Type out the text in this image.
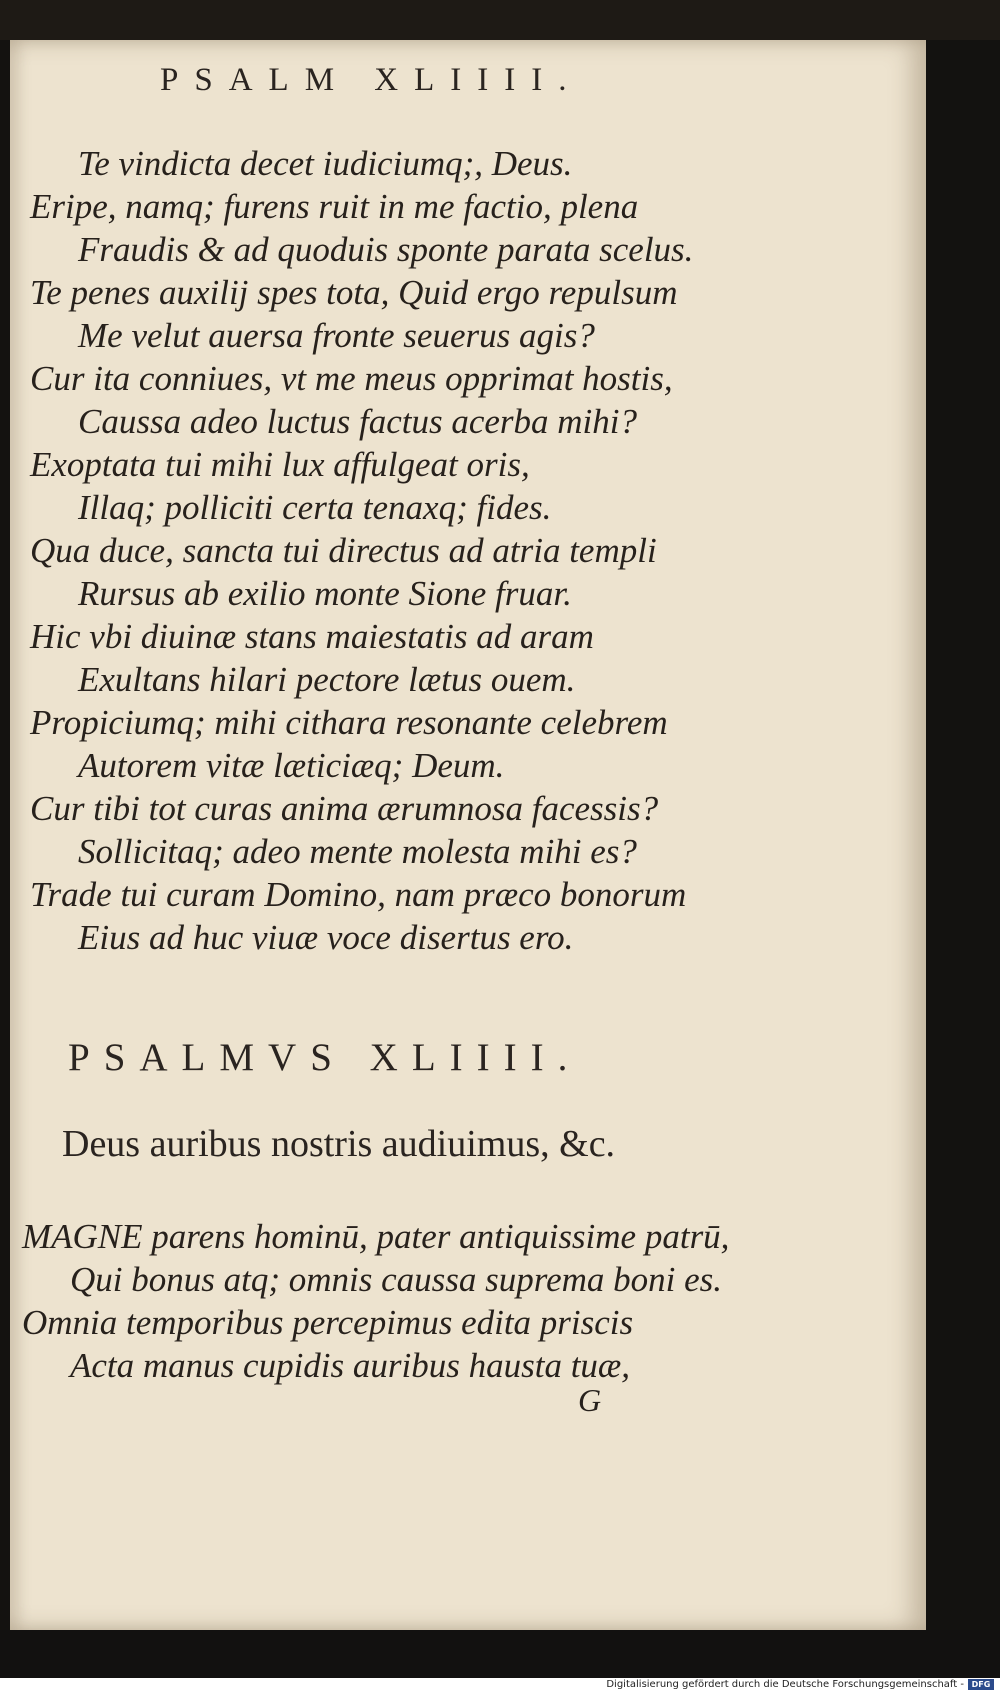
PSALM XLIIII.
Te vindicta decet iudiciumq;, Deus.
Eripe, namq; furens ruit in me factio, plena
Fraudis & ad quoduis sponte parata scelus.
Te penes auxilij spes tota, Quid ergo repulsum
Me velut auersa fronte seuerus agis?
Cur ita conniues, vt me meus opprimat hostis,
Caussa adeo luctus factus acerba mihi?
Exoptata tui mihi lux affulgeat oris,
Illaq; polliciti certa tenaxq; fides.
Qua duce, sancta tui directus ad atria templi
Rursus ab exilio monte Sione fruar.
Hic vbi diuinæ stans maiestatis ad aram
Exultans hilari pectore lætus ouem.
Propiciumq; mihi cithara resonante celebrem
Autorem vitæ læticiæq; Deum.
Cur tibi tot curas anima ærumnosa facessis?
Sollicitaq; adeo mente molesta mihi es?
Trade tui curam Domino, nam præco bonorum
Eius ad huc viuæ voce disertus ero.
PSALMVS XLIIII.
Deus auribus nostris audiuimus, &c.
MAGNE parens hominū, pater antiquissime patrū,
Qui bonus atq; omnis caussa suprema boni es.
Omnia temporibus percepimus edita priscis
Acta manus cupidis auribus hausta tuæ,
G
Digitalisierung gefördert durch die Deutsche Forschungsgemeinschaft - DFG
